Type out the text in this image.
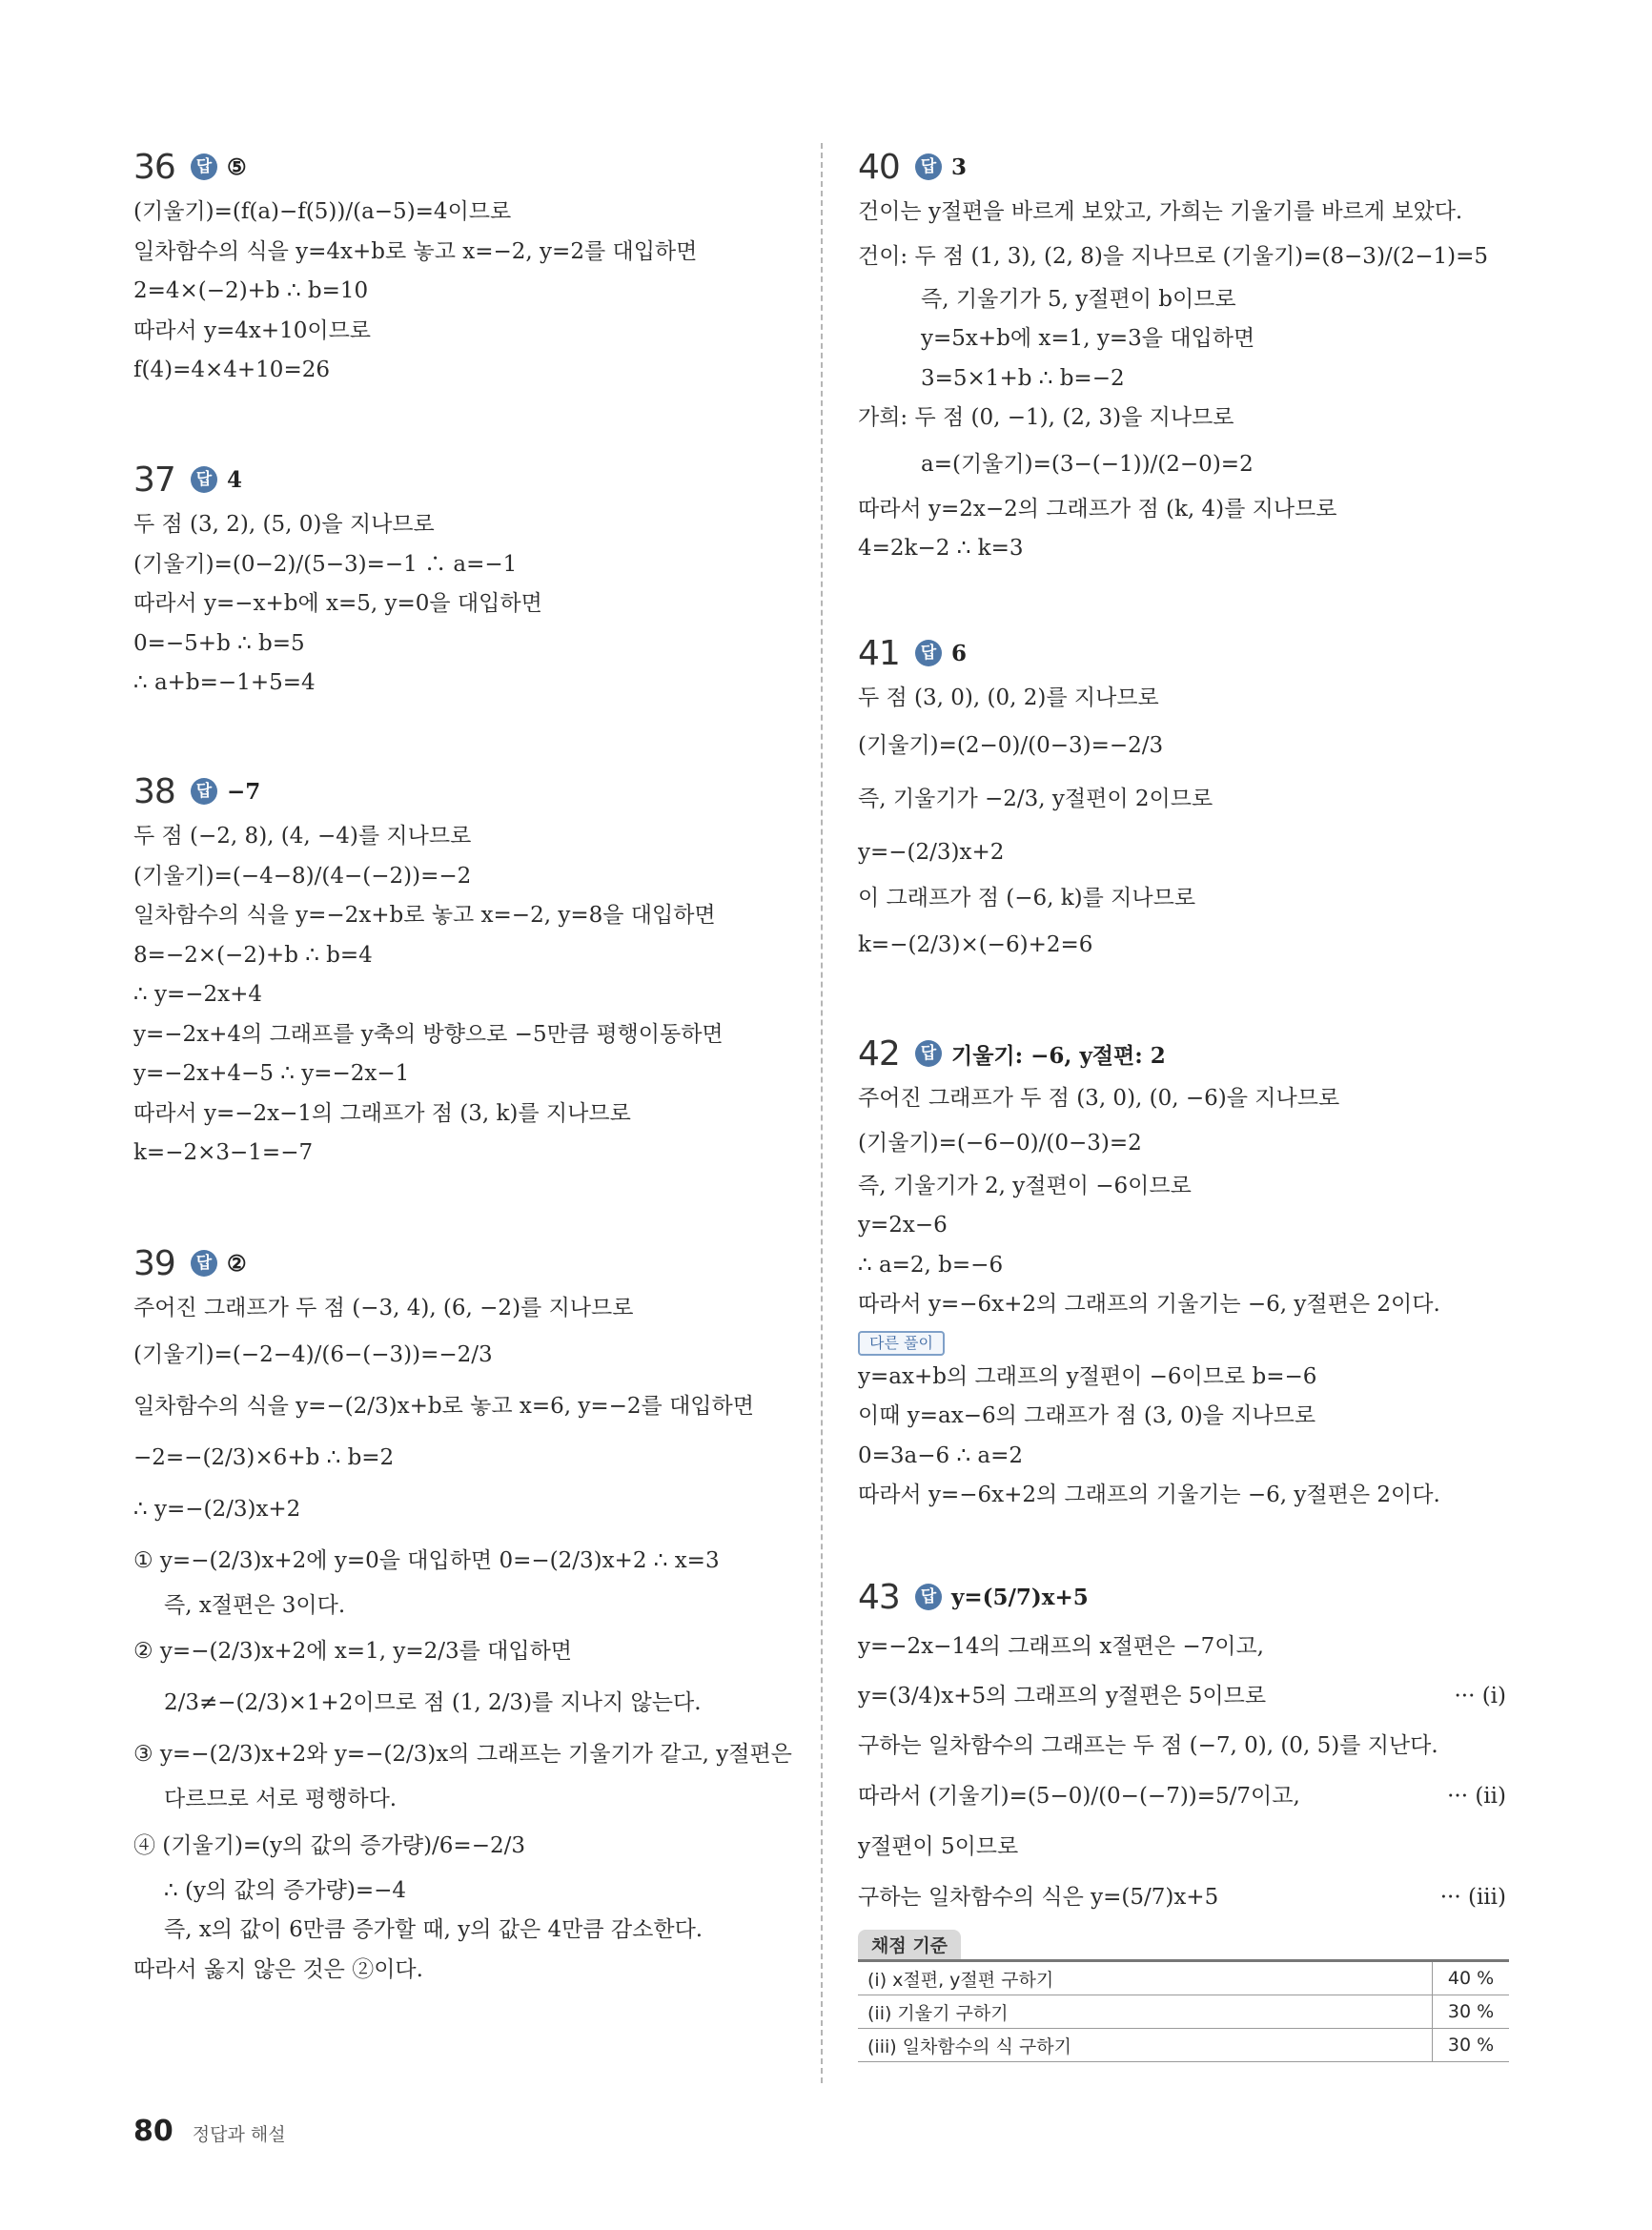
36	답 ⑤
(기울기)=(f(a)−f(5))/(a−5)=4이므로
일차함수의 식을 y=4x+b로 놓고 x=−2, y=2를 대입하면
2=4×(−2)+b ∴ b=10
따라서 y=4x+10이므로
f(4)=4×4+10=26
37	답 4
두 점 (3, 2), (5, 0)을 지나므로
(기울기)=(0−2)/(5−3)=−1 ∴ a=−1
따라서 y=−x+b에 x=5, y=0을 대입하면
0=−5+b ∴ b=5
∴ a+b=−1+5=4
38	답 −7
두 점 (−2, 8), (4, −4)를 지나므로
(기울기)=(−4−8)/(4−(−2))=−2
일차함수의 식을 y=−2x+b로 놓고 x=−2, y=8을 대입하면
8=−2×(−2)+b ∴ b=4
∴ y=−2x+4
y=−2x+4의 그래프를 y축의 방향으로 −5만큼 평행이동하면
y=−2x+4−5 ∴ y=−2x−1
따라서 y=−2x−1의 그래프가 점 (3, k)를 지나므로
k=−2×3−1=−7
39	답 ②
주어진 그래프가 두 점 (−3, 4), (6, −2)를 지나므로
(기울기)=(−2−4)/(6−(−3))=−2/3
일차함수의 식을 y=−(2/3)x+b로 놓고 x=6, y=−2를 대입하면
−2=−(2/3)×6+b ∴ b=2
∴ y=−(2/3)x+2
① y=−(2/3)x+2에 y=0을 대입하면 0=−(2/3)x+2 ∴ x=3
즉, x절편은 3이다.
② y=−(2/3)x+2에 x=1, y=2/3를 대입하면
2/3≠−(2/3)×1+2이므로 점 (1, 2/3)를 지나지 않는다.
③ y=−(2/3)x+2와 y=−(2/3)x의 그래프는 기울기가 같고, y절편은
다르므로 서로 평행하다.
④ (기울기)=(y의 값의 증가량)/6=−2/3
∴ (y의 값의 증가량)=−4
즉, x의 값이 6만큼 증가할 때, y의 값은 4만큼 감소한다.
따라서 옳지 않은 것은 ②이다.
40	답 3
건이는 y절편을 바르게 보았고, 가희는 기울기를 바르게 보았다.
건이: 두 점 (1, 3), (2, 8)을 지나므로 (기울기)=(8−3)/(2−1)=5
즉, 기울기가 5, y절편이 b이므로
y=5x+b에 x=1, y=3을 대입하면
3=5×1+b ∴ b=−2
가희: 두 점 (0, −1), (2, 3)을 지나므로
a=(기울기)=(3−(−1))/(2−0)=2
따라서 y=2x−2의 그래프가 점 (k, 4)를 지나므로
4=2k−2 ∴ k=3
41	답 6
두 점 (3, 0), (0, 2)를 지나므로
(기울기)=(2−0)/(0−3)=−2/3
즉, 기울기가 −2/3, y절편이 2이므로
y=−(2/3)x+2
이 그래프가 점 (−6, k)를 지나므로
k=−(2/3)×(−6)+2=6
42	답 기울기: −6, y절편: 2
주어진 그래프가 두 점 (3, 0), (0, −6)을 지나므로
(기울기)=(−6−0)/(0−3)=2
즉, 기울기가 2, y절편이 −6이므로
y=2x−6
∴ a=2, b=−6
따라서 y=−6x+2의 그래프의 기울기는 −6, y절편은 2이다.
다른 풀이
y=ax+b의 그래프의 y절편이 −6이므로 b=−6
이때 y=ax−6의 그래프가 점 (3, 0)을 지나므로
0=3a−6 ∴ a=2
따라서 y=−6x+2의 그래프의 기울기는 −6, y절편은 2이다.
43	답 y=(5/7)x+5
y=−2x−14의 그래프의 x절편은 −7이고,
y=(3/4)x+5의 그래프의 y절편은 5이므로	··· (i)
구하는 일차함수의 그래프는 두 점 (−7, 0), (0, 5)를 지난다.
따라서 (기울기)=(5−0)/(0−(−7))=5/7이고,	··· (ii)
y절편이 5이므로
구하는 일차함수의 식은 y=(5/7)x+5	··· (iii)
채점 기준
(i) x절편, y절편 구하기	40 %
(ii) 기울기 구하기	30 %
(iii) 일차함수의 식 구하기	30 %
80 정답과 해설
